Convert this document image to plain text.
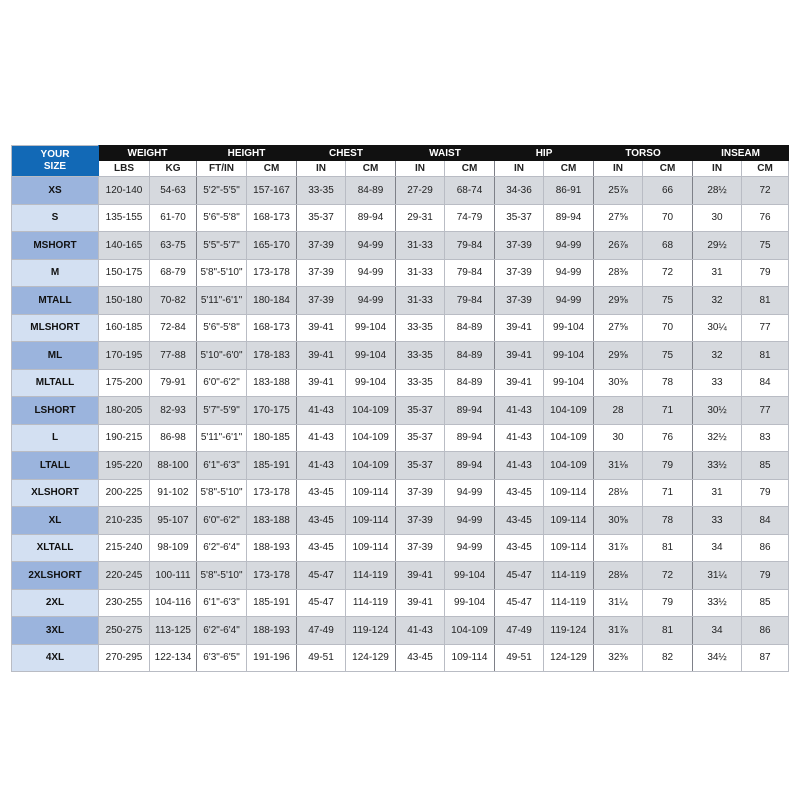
YOUR
SIZE	WEIGHT		HEIGHT		CHEST		WAIST		HIP		TORSO		INSEAM	
	LBS	KG	FT/IN	CM	IN	CM	IN	CM	IN	CM	IN	CM	IN	CM
XS	120-140	54-63	5'2"-5'5"	157-167	33-35	84-89	27-29	68-74	34-36	86-91	25⅞	66	28½	72
S	135-155	61-70	5'6"-5'8"	168-173	35-37	89-94	29-31	74-79	35-37	89-94	27⅝	70	30	76
MSHORT	140-165	63-75	5'5"-5'7"	165-170	37-39	94-99	31-33	79-84	37-39	94-99	26⅞	68	29½	75
M	150-175	68-79	5'8"-5'10"	173-178	37-39	94-99	31-33	79-84	37-39	94-99	28⅜	72	31	79
MTALL	150-180	70-82	5'11"-6'1"	180-184	37-39	94-99	31-33	79-84	37-39	94-99	29⅝	75	32	81
MLSHORT	160-185	72-84	5'6"-5'8"	168-173	39-41	99-104	33-35	84-89	39-41	99-104	27⅝	70	30¼	77
ML	170-195	77-88	5'10"-6'0"	178-183	39-41	99-104	33-35	84-89	39-41	99-104	29⅝	75	32	81
MLTALL	175-200	79-91	6'0"-6'2"	183-188	39-41	99-104	33-35	84-89	39-41	99-104	30⅜	78	33	84
LSHORT	180-205	82-93	5'7"-5'9"	170-175	41-43	104-109	35-37	89-94	41-43	104-109	28	71	30½	77
L	190-215	86-98	5'11"-6'1"	180-185	41-43	104-109	35-37	89-94	41-43	104-109	30	76	32½	83
LTALL	195-220	88-100	6'1"-6'3"	185-191	41-43	104-109	35-37	89-94	41-43	104-109	31⅛	79	33½	85
XLSHORT	200-225	91-102	5'8"-5'10"	173-178	43-45	109-114	37-39	94-99	43-45	109-114	28⅛	71	31	79
XL	210-235	95-107	6'0"-6'2"	183-188	43-45	109-114	37-39	94-99	43-45	109-114	30⅝	78	33	84
XLTALL	215-240	98-109	6'2"-6'4"	188-193	43-45	109-114	37-39	94-99	43-45	109-114	31⅞	81	34	86
2XLSHORT	220-245	100-111	5'8"-5'10"	173-178	45-47	114-119	39-41	99-104	45-47	114-119	28⅛	72	31¼	79
2XL	230-255	104-116	6'1"-6'3"	185-191	45-47	114-119	39-41	99-104	45-47	114-119	31¼	79	33½	85
3XL	250-275	113-125	6'2"-6'4"	188-193	47-49	119-124	41-43	104-109	47-49	119-124	31⅞	81	34	86
4XL	270-295	122-134	6'3"-6'5"	191-196	49-51	124-129	43-45	109-114	49-51	124-129	32⅜	82	34½	87
